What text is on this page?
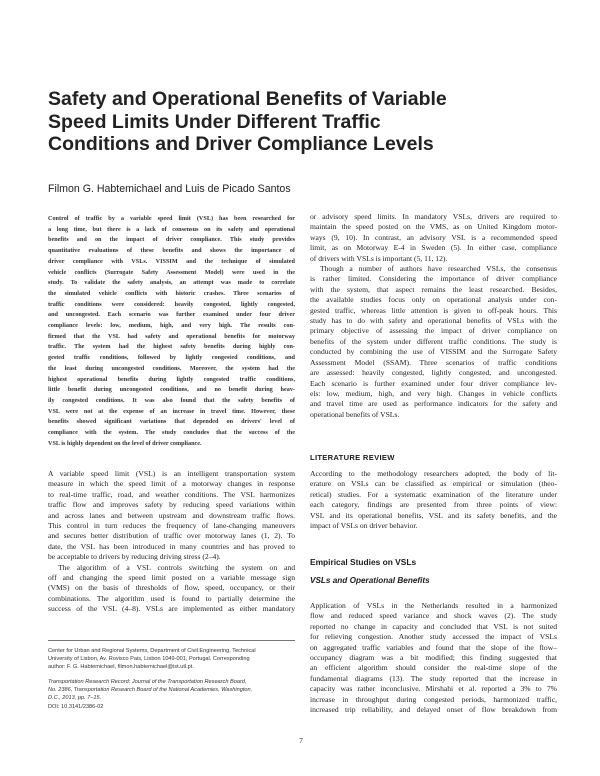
Safety and Operational Benefits of Variable
Speed Limits Under Different Traffic
Conditions and Driver Compliance Levels
Filmon G. Habtemichael and Luis de Picado Santos
Control of traffic by a variable speed limit (VSL) has been researched for
a long time, but there is a lack of consensus on its safety and operational
benefits and on the impact of driver compliance. This study provides
quantitative evaluations of these benefits and shows the importance of
driver compliance with VSLs. VISSIM and the technique of simulated
vehicle conflicts (Surrogate Safety Assessment Model) were used in the
study. To validate the safety analysis, an attempt was made to correlate
the simulated vehicle conflicts with historic crashes. Three scenarios of
traffic conditions were considered: heavily congested, lightly congested,
and uncongested. Each scenario was further examined under four driver
compliance levels: low, medium, high, and very high. The results con-
firmed that the VSL had safety and operational benefits for motorway
traffic. The system had the highest safety benefits during highly con-
gested traffic conditions, followed by lightly congested conditions, and
the least during uncongested conditions. Moreover, the system had the
highest operational benefits during lightly congested traffic conditions,
little benefit during uncongested conditions, and no benefit during heav-
ily congested conditions. It was also found that the safety benefits of
VSL were not at the expense of an increase in travel time. However, these
benefits showed significant variations that depended on drivers' level of
compliance with the system. The study concludes that the success of the
VSL is highly dependent on the level of driver compliance.
A variable speed limit (VSL) is an intelligent transportation system
measure in which the speed limit of a motorway changes in response
to real-time traffic, road, and weather conditions. The VSL harmonizes
traffic flow and improves safety by reducing speed variations within
and across lanes and between upstream and downstream traffic flows.
This control in turn reduces the frequency of lane-changing maneuvers
and secures better distribution of traffic over motorway lanes (1, 2). To
date, the VSL has been introduced in many countries and has proved to
be acceptable to drivers by reducing driving stress (2–4).
The algorithm of a VSL controls switching the system on and
off and changing the speed limit posted on a variable message sign
(VMS) on the basis of thresholds of flow, speed, occupancy, or their
combinations. The algorithm used is found to partially determine the
success of the VSL (4–8). VSLs are implemented as either mandatory
Center for Urban and Regional Systems, Department of Civil Engineering, Technical
University of Lisbon, Av. Rovisco Pais, Lisbon 1049-001, Portugal. Corresponding
author: F. G. Habtemichael, filmon.habtemichael@ist.utl.pt.
Transportation Research Record: Journal of the Transportation Research Board,
No. 2386, Transportation Research Board of the National Academies, Washington,
D.C., 2013, pp. 7–15.
DOI: 10.3141/2386-02
or advisory speed limits. In mandatory VSLs, drivers are required to
maintain the speed posted on the VMS, as on United Kingdom motor-
ways (9, 10). In contrast, an advisory VSL is a recommended speed
limit, as on Motorway E-4 in Sweden (5). In either case, compliance
of drivers with VSLs is important (5, 11, 12).
Though a number of authors have researched VSLs, the consensus
is rather limited. Considering the importance of driver compliance
with the system, that aspect remains the least researched. Besides,
the available studies focus only on operational analysis under con-
gested traffic, whereas little attention is given to off-peak hours. This
study has to do with safety and operational benefits of VSLs with the
primary objective of assessing the impact of driver compliance on
benefits of the system under different traffic conditions. The study is
conducted by combining the use of VISSIM and the Surrogate Safety
Assessment Model (SSAM). Three scenarios of traffic conditions
are assessed: heavily congested, lightly congested, and uncongested.
Each scenario is further examined under four driver compliance lev-
els: low, medium, high, and very high. Changes in vehicle conflicts
and travel time are used as performance indicators for the safety and
operational benefits of VSLs.
LITERATURE REVIEW
According to the methodology researchers adopted, the body of lit-
erature on VSLs can be classified as empirical or simulation (theo-
retical) studies. For a systematic examination of the literature under
each category, findings are presented from three points of view:
VSL and its operational benefits, VSL and its safety benefits, and the
impact of VSLs on driver behavior.
Empirical Studies on VSLs
VSLs and Operational Benefits
Application of VSLs in the Netherlands resulted in a harmonized
flow and reduced speed variance and shock waves (2). The study
reported no change in capacity and concluded that VSL is not suited
for relieving congestion. Another study accessed the impact of VSLs
on aggregated traffic variables and found that the slope of the flow–
occupancy diagram was a bit modified; this finding suggested that
an efficient algorithm should consider the real-time slope of the
fundamental diagrams (13). The study reported that the increase in
capacity was rather inconclusive. Mirshahi et al. reported a 3% to 7%
increase in throughput during congested periods, harmonized traffic,
increased trip reliability, and delayed onset of flow breakdown from
7
